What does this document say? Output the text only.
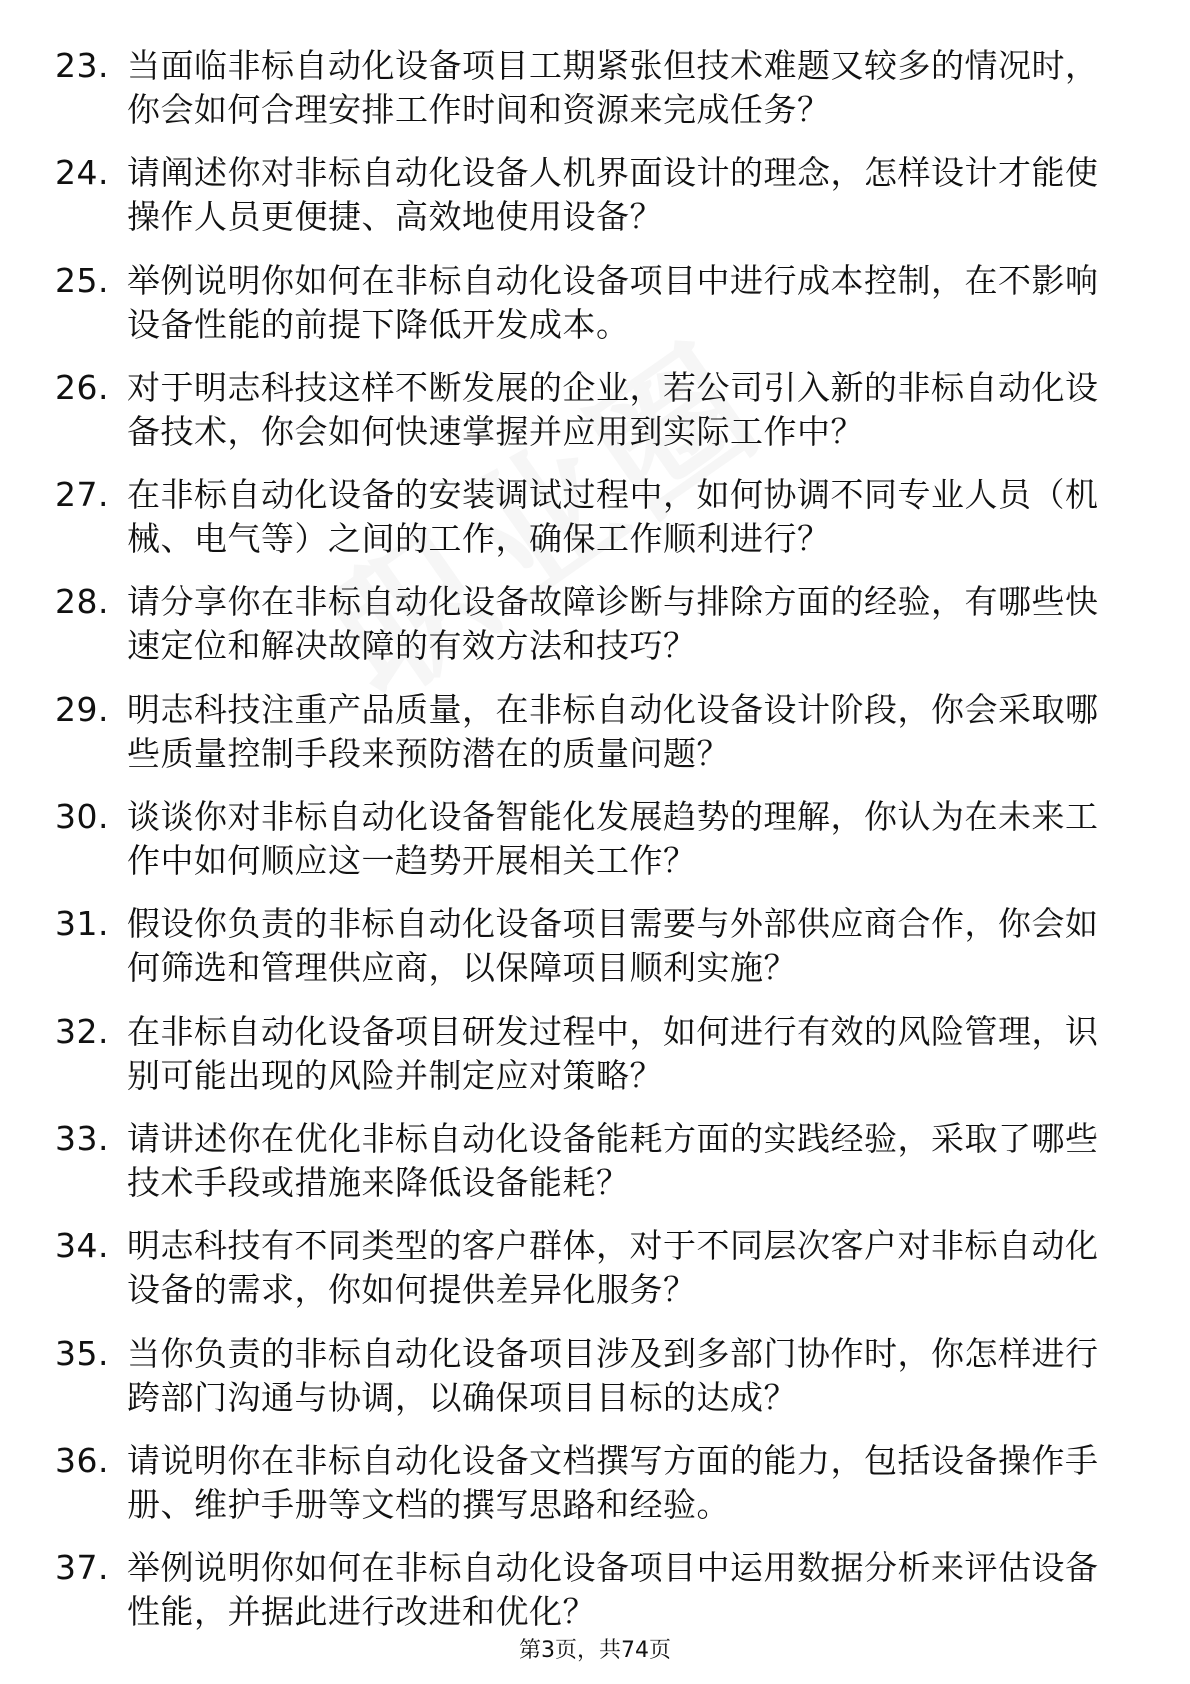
23. 当面临非标自动化设备项目工期紧张但技术难题又较多的情况时，你会如何合理安排工作时间和资源来完成任务？
24. 请阐述你对非标自动化设备人机界面设计的理念，怎样设计才能使操作人员更便捷、高效地使用设备？
25. 举例说明你如何在非标自动化设备项目中进行成本控制，在不影响设备性能的前提下降低开发成本。
26. 对于明志科技这样不断发展的企业，若公司引入新的非标自动化设备技术，你会如何快速掌握并应用到实际工作中？
27. 在非标自动化设备的安装调试过程中，如何协调不同专业人员（机械、电气等）之间的工作，确保工作顺利进行？
28. 请分享你在非标自动化设备故障诊断与排除方面的经验，有哪些快速定位和解决故障的有效方法和技巧？
29. 明志科技注重产品质量，在非标自动化设备设计阶段，你会采取哪些质量控制手段来预防潜在的质量问题？
30. 谈谈你对非标自动化设备智能化发展趋势的理解，你认为在未来工作中如何顺应这一趋势开展相关工作？
31. 假设你负责的非标自动化设备项目需要与外部供应商合作，你会如何筛选和管理供应商，以保障项目顺利实施？
32. 在非标自动化设备项目研发过程中，如何进行有效的风险管理，识别可能出现的风险并制定应对策略？
33. 请讲述你在优化非标自动化设备能耗方面的实践经验，采取了哪些技术手段或措施来降低设备能耗？
34. 明志科技有不同类型的客户群体，对于不同层次客户对非标自动化设备的需求，你如何提供差异化服务？
35. 当你负责的非标自动化设备项目涉及到多部门协作时，你怎样进行跨部门沟通与协调，以确保项目目标的达成？
36. 请说明你在非标自动化设备文档撰写方面的能力，包括设备操作手册、维护手册等文档的撰写思路和经验。
37. 举例说明你如何在非标自动化设备项目中运用数据分析来评估设备性能，并据此进行改进和优化？
第3页，共74页
